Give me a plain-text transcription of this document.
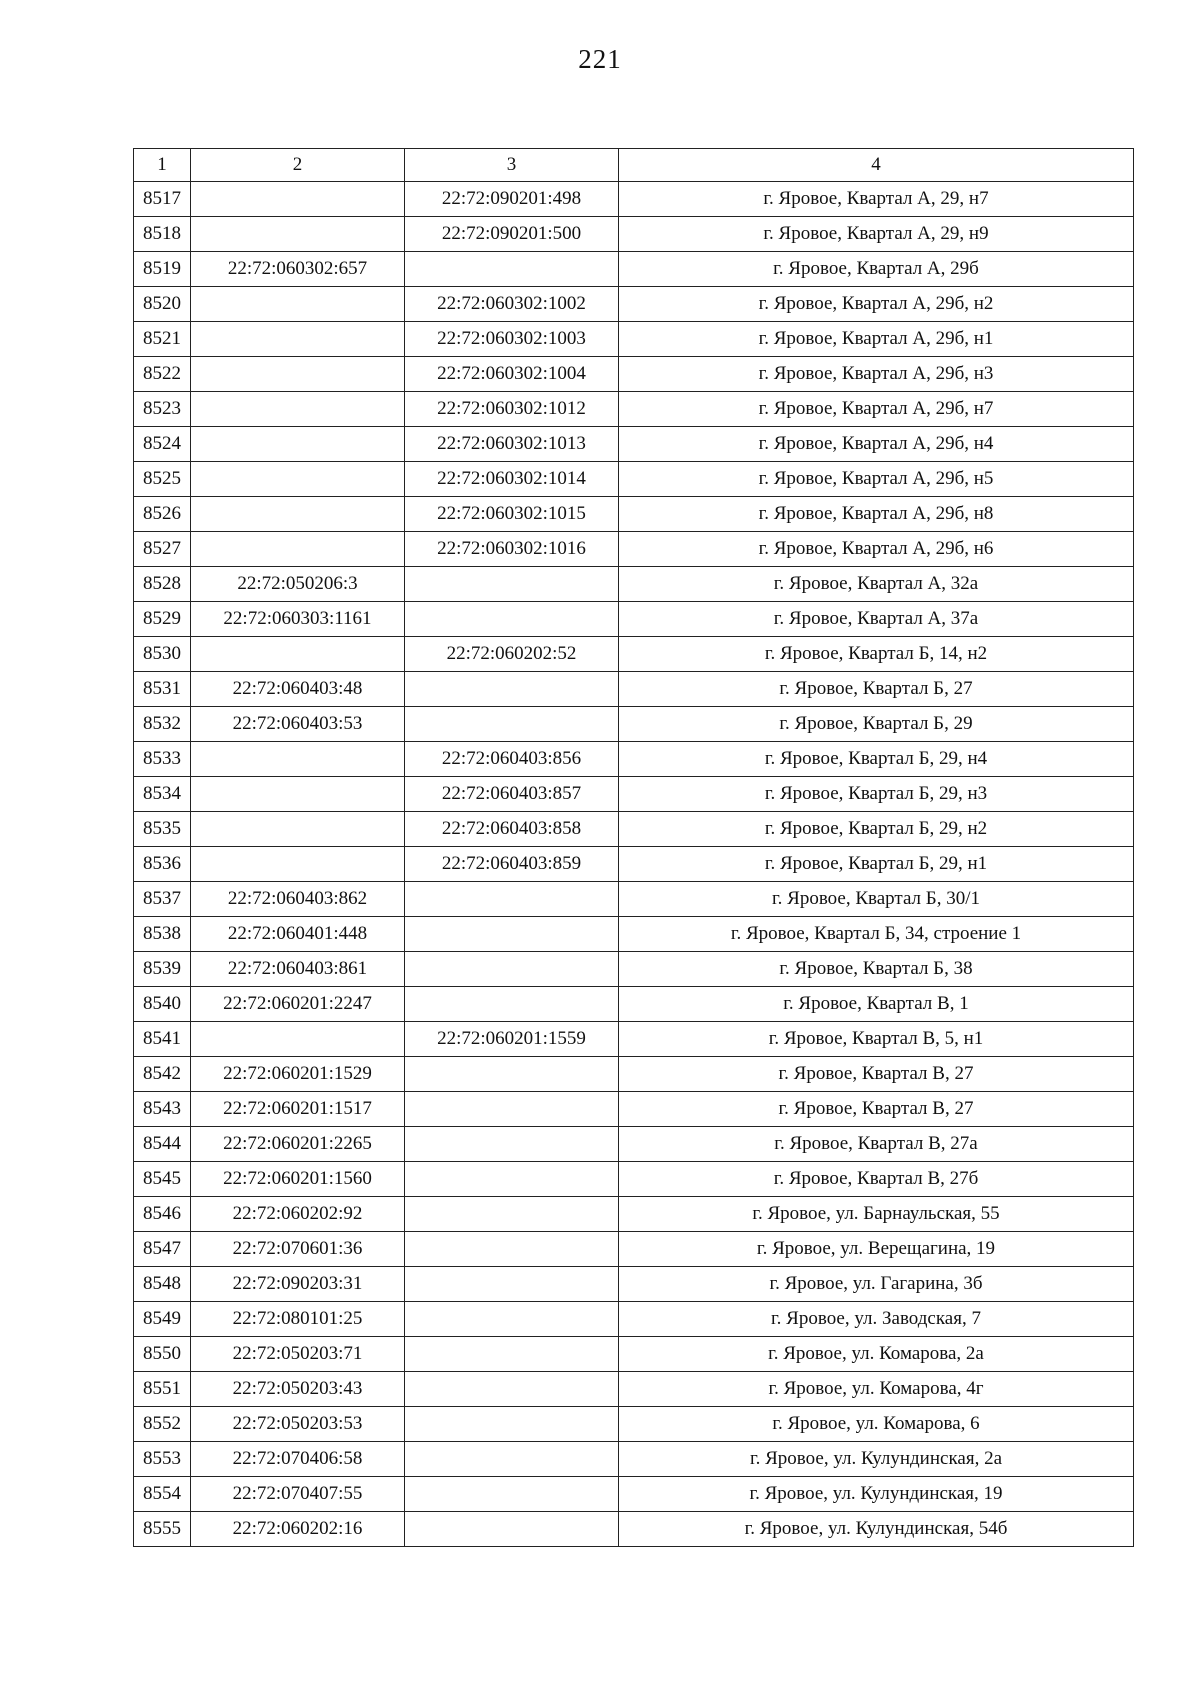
221
1	2	3	4
8517		22:72:090201:498	г. Яровое, Квартал А, 29, н7
8518		22:72:090201:500	г. Яровое, Квартал А, 29, н9
8519	22:72:060302:657		г. Яровое, Квартал А, 29б
8520		22:72:060302:1002	г. Яровое, Квартал А, 29б, н2
8521		22:72:060302:1003	г. Яровое, Квартал А, 29б, н1
8522		22:72:060302:1004	г. Яровое, Квартал А, 29б, н3
8523		22:72:060302:1012	г. Яровое, Квартал А, 29б, н7
8524		22:72:060302:1013	г. Яровое, Квартал А, 29б, н4
8525		22:72:060302:1014	г. Яровое, Квартал А, 29б, н5
8526		22:72:060302:1015	г. Яровое, Квартал А, 29б, н8
8527		22:72:060302:1016	г. Яровое, Квартал А, 29б, н6
8528	22:72:050206:3		г. Яровое, Квартал А, 32а
8529	22:72:060303:1161		г. Яровое, Квартал А, 37а
8530		22:72:060202:52	г. Яровое, Квартал Б, 14, н2
8531	22:72:060403:48		г. Яровое, Квартал Б, 27
8532	22:72:060403:53		г. Яровое, Квартал Б, 29
8533		22:72:060403:856	г. Яровое, Квартал Б, 29, н4
8534		22:72:060403:857	г. Яровое, Квартал Б, 29, н3
8535		22:72:060403:858	г. Яровое, Квартал Б, 29, н2
8536		22:72:060403:859	г. Яровое, Квартал Б, 29, н1
8537	22:72:060403:862		г. Яровое, Квартал Б, 30/1
8538	22:72:060401:448		г. Яровое, Квартал Б, 34, строение 1
8539	22:72:060403:861		г. Яровое, Квартал Б, 38
8540	22:72:060201:2247		г. Яровое, Квартал В, 1
8541		22:72:060201:1559	г. Яровое, Квартал В, 5, н1
8542	22:72:060201:1529		г. Яровое, Квартал В, 27
8543	22:72:060201:1517		г. Яровое, Квартал В, 27
8544	22:72:060201:2265		г. Яровое, Квартал В, 27а
8545	22:72:060201:1560		г. Яровое, Квартал В, 27б
8546	22:72:060202:92		г. Яровое, ул. Барнаульская, 55
8547	22:72:070601:36		г. Яровое, ул. Верещагина, 19
8548	22:72:090203:31		г. Яровое, ул. Гагарина, 3б
8549	22:72:080101:25		г. Яровое, ул. Заводская, 7
8550	22:72:050203:71		г. Яровое, ул. Комарова, 2а
8551	22:72:050203:43		г. Яровое, ул. Комарова, 4г
8552	22:72:050203:53		г. Яровое, ул. Комарова, 6
8553	22:72:070406:58		г. Яровое, ул. Кулундинская, 2а
8554	22:72:070407:55		г. Яровое, ул. Кулундинская, 19
8555	22:72:060202:16		г. Яровое, ул. Кулундинская, 54б
